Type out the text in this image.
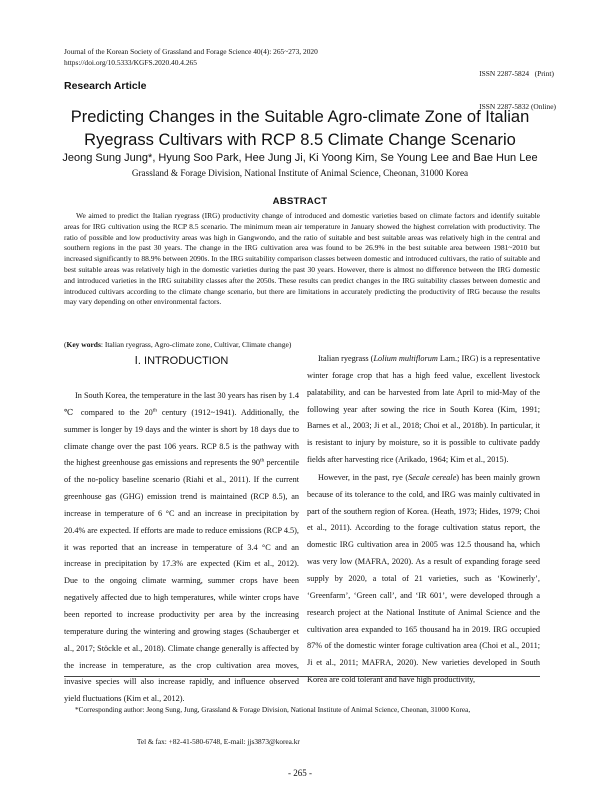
Journal of the Korean Society of Grassland and Forage Science 40(4): 265~273, 2020
https://doi.org/10.5333/KGFS.2020.40.4.265

ISSN 2287-5824   (Print)

ISSN 2287-5832 (Online)

Research Article
Predicting Changes in the Suitable Agro-climate Zone of Italian Ryegrass Cultivars with RCP 8.5 Climate Change Scenario
Jeong Sung Jung*, Hyung Soo Park, Hee Jung Ji, Ki Yoong Kim, Se Young Lee and Bae Hun Lee
Grassland & Forage Division, National Institute of Animal Science, Cheonan, 31000 Korea
ABSTRACT

We aimed to predict the Italian ryegrass (IRG) productivity change of introduced and domestic varieties based on climate factors and identify suitable areas for IRG cultivation using the RCP 8.5 scenario. The minimum mean air temperature in January showed the highest correlation with productivity. The ratio of possible and low productivity areas was high in Gangwondo, and the ratio of suitable and best suitable areas was relatively high in the central and southern regions in the past 30 years. The change in the IRG cultivation area was found to be 26.9% in the best suitable area between 1981~2010 but increased significantly to 88.9% between 2090s. In the IRG suitability comparison classes between domestic and introduced cultivars, the ratio of suitable and best suitable areas was relatively high in the domestic varieties during the past 30 years. However, there is almost no difference between the IRG domestic and introduced varieties in the IRG suitability classes after the 2050s. These results can predict changes in the IRG suitability classes between domestic and introduced cultivars according to the climate change scenario, but there are limitations in accurately predicting the productivity of IRG because the results may vary depending on other environmental factors.

(Key words: Italian ryegrass, Agro-climate zone, Cultivar, Climate change)
Ⅰ. INTRODUCTION

In South Korea, the temperature in the last 30 years has risen by 1.4 ℃ compared to the 20th century (1912~1941). Additionally, the summer is longer by 19 days and the winter is short by 18 days due to climate change over the past 106 years. RCP 8.5 is the pathway with the highest greenhouse gas emissions and represents the 90th percentile of the no-policy baseline scenario (Riahi et al., 2011). If the current greenhouse gas (GHG) emission trend is maintained (RCP 8.5), an increase in temperature of 6 °C and an increase in precipitation by 20.4% are expected. If efforts are made to reduce emissions (RCP 4.5), it was reported that an increase in temperature of 3.4 °C and an increase in precipitation by 17.3% are expected (Kim et al., 2012). Due to the ongoing climate warming, summer crops have been negatively affected due to high temperatures, while winter crops have been reported to increase productivity per area by the increasing temperature during the wintering and growing stages (Schauberger et al., 2017; Stöckle et al., 2018). Climate change generally is affected by the increase in temperature, as the crop cultivation area moves, invasive species will also increase rapidly, and influence observed yield fluctuations (Kim et al., 2012).

Italian ryegrass (Lolium multiflorum Lam.; IRG) is a representative winter forage crop that has a high feed value, excellent livestock palatability, and can be harvested from late April to mid-May of the following year after sowing the rice in South Korea (Kim, 1991; Barnes et al., 2003; Ji et al., 2018; Choi et al., 2018b). In particular, it is resistant to injury by moisture, so it is possible to cultivate paddy fields after harvesting rice (Arikado, 1964; Kim et al., 2015).

However, in the past, rye (Secale cereale) has been mainly grown because of its tolerance to the cold, and IRG was mainly cultivated in part of the southern region of Korea. (Heath, 1973; Hides, 1979; Choi et al., 2011). According to the forage cultivation status report, the domestic IRG cultivation area in 2005 was 12.5 thousand ha, which was very low (MAFRA, 2020). As a result of expanding forage seed supply by 2020, a total of 21 varieties, such as ‘Kowinerly’, ‘Greenfarm’, ‘Green call’, and ‘IR 601’, were developed through a research project at the National Institute of Animal Science and the cultivation area expanded to 165 thousand ha in 2019. IRG occupied 87% of the domestic winter forage cultivation area (Choi et al., 2011; Ji et al., 2011; MAFRA, 2020). New varieties developed in South Korea are cold tolerant and have high productivity,

*Corresponding author: Jeong Sung, Jung, Grassland & Forage Division, National Institute of Animal Science, Cheonan, 31000 Korea,

Tel & fax: +82-41-580-6748, E-mail: jjs3873@korea.kr

- 265 -
